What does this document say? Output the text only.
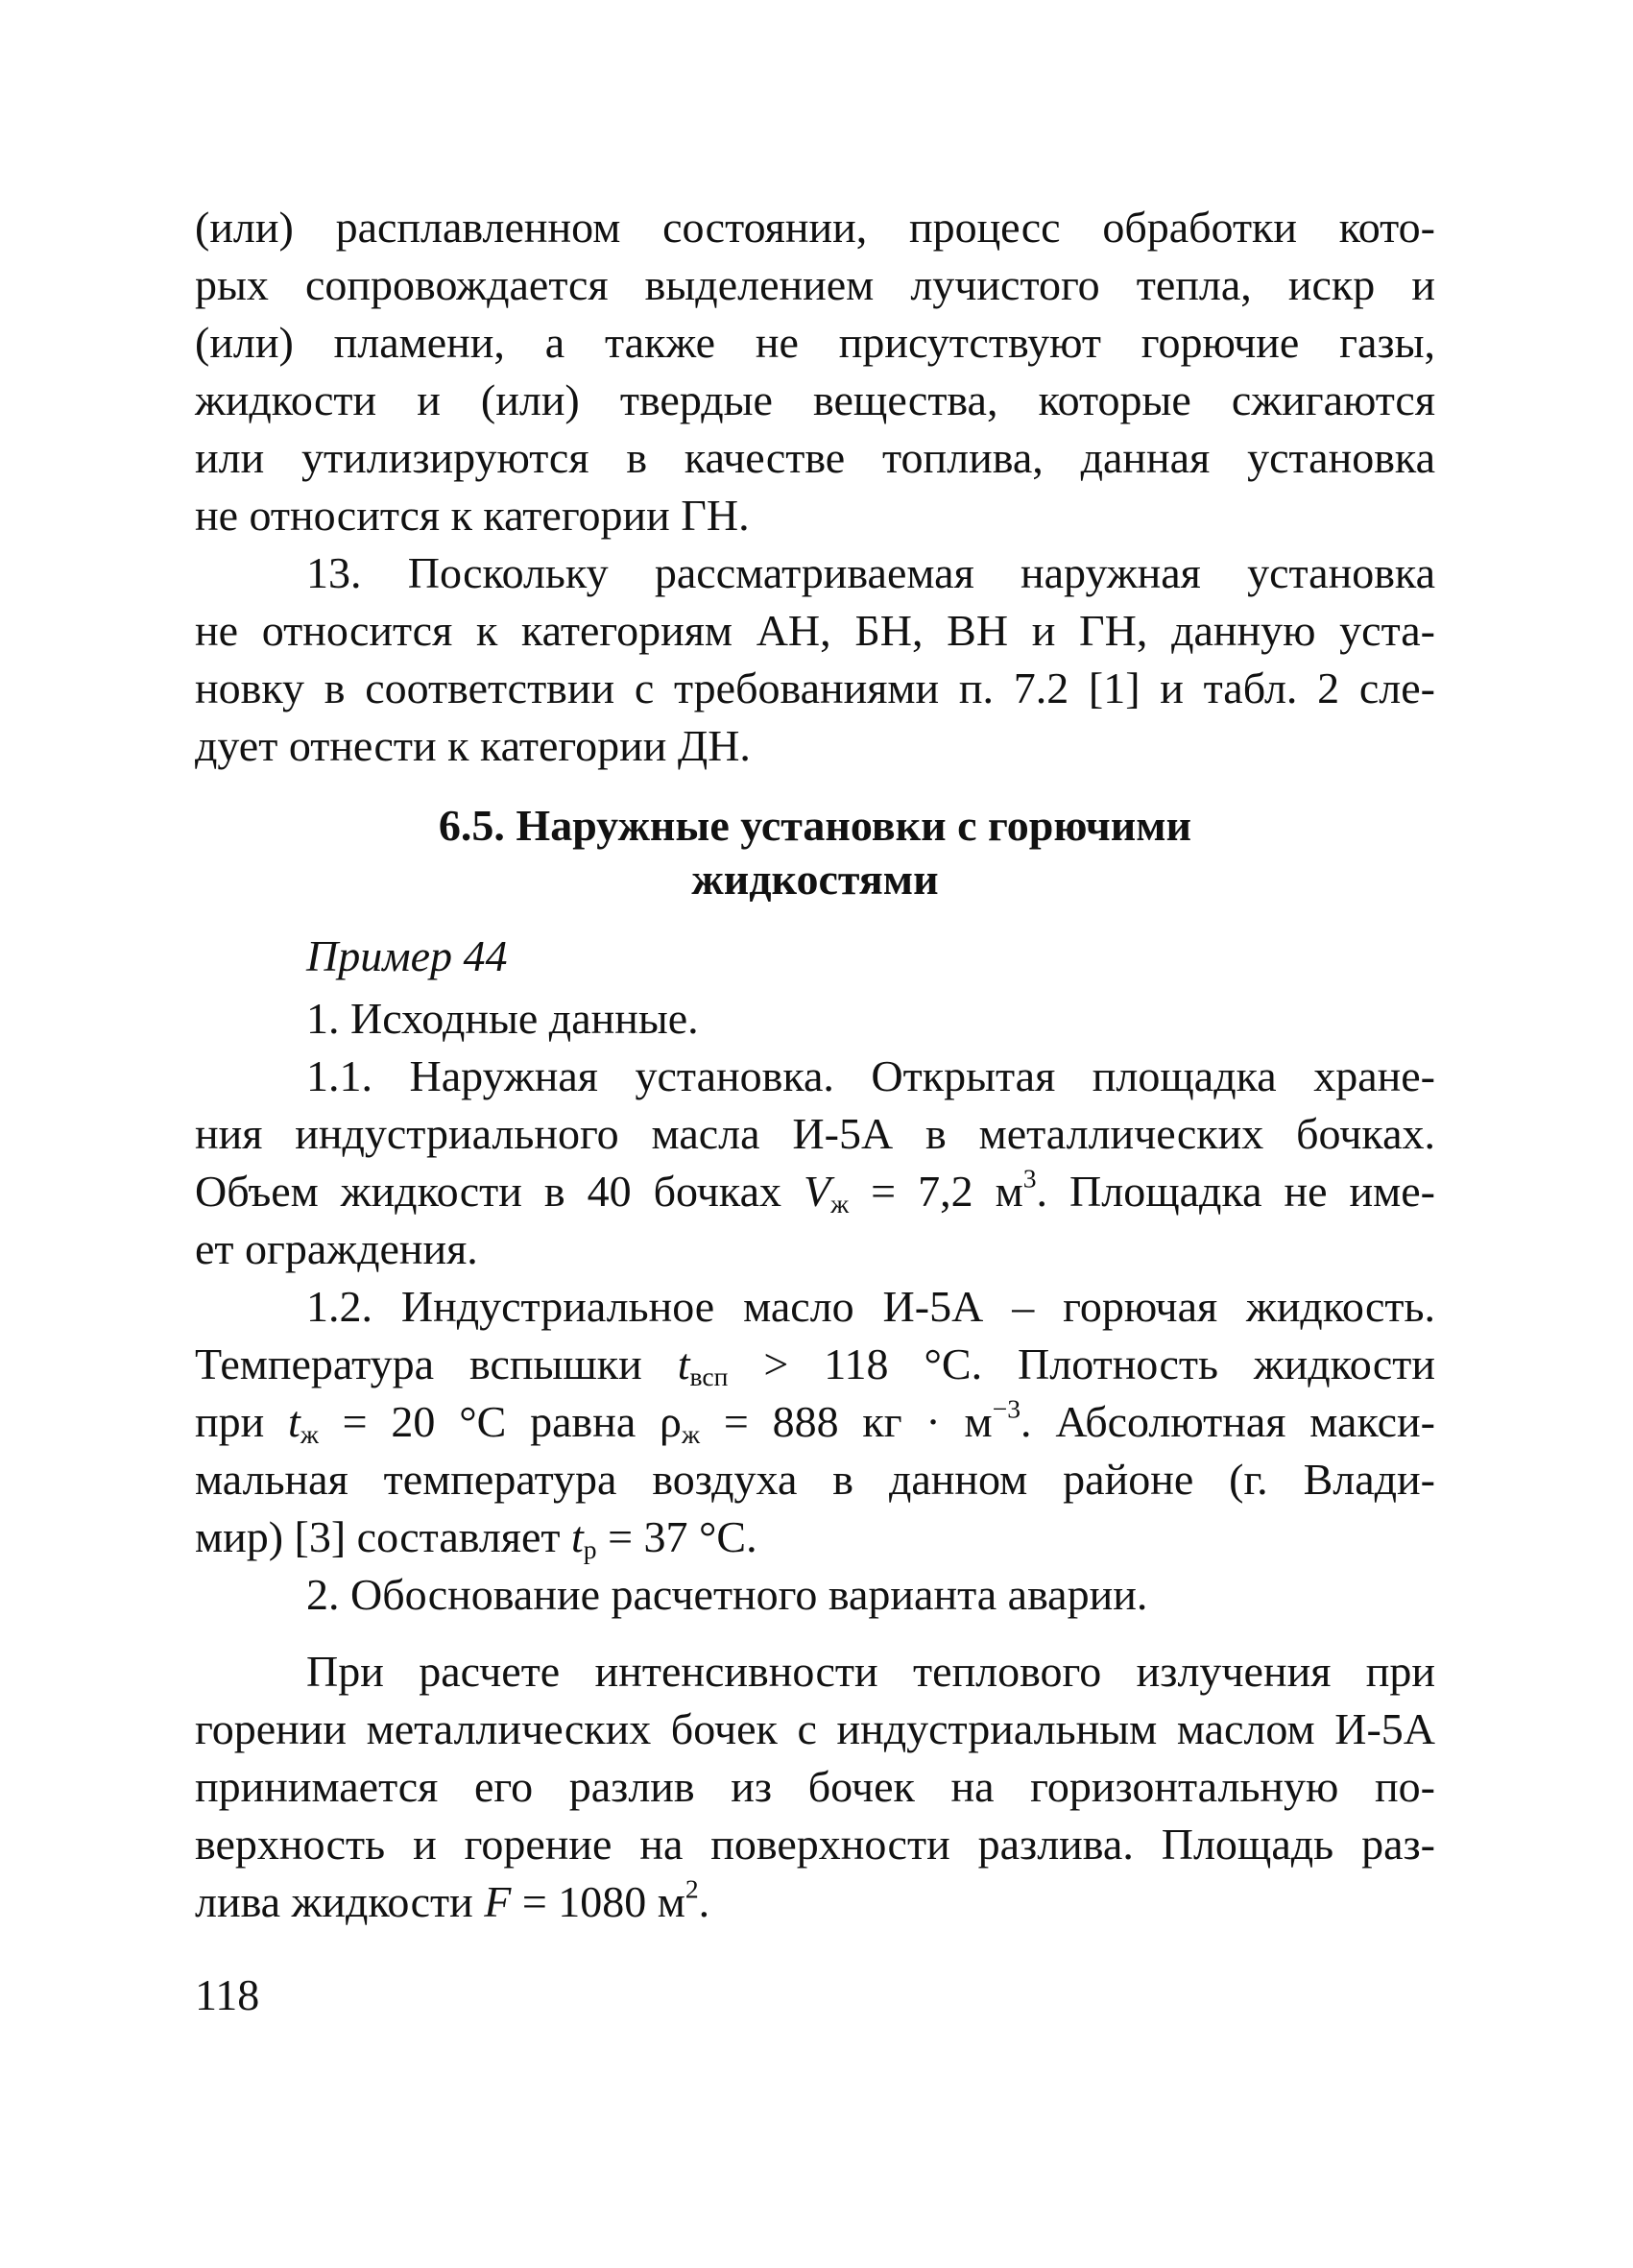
(или) расплавленном состоянии, процесс обработки кото-
рых сопровождается выделением лучистого тепла, искр и
(или) пламени, а также не присутствуют горючие газы,
жидкости и (или) твердые вещества, которые сжигаются
или утилизируются в качестве топлива, данная установка
не относится к категории ГН.
13. Поскольку рассматриваемая наружная установка
не относится к категориям АН, БН, ВН и ГН, данную уста-
новку в соответствии с требованиями п. 7.2 [1] и табл. 2 сле-
дует отнести к категории ДН.
6.5. Наружные установки с горючими
жидкостями
Пример 44
1. Исходные данные.
1.1. Наружная установка. Открытая площадка хране-
ния индустриального масла И-5А в металлических бочках.
Объем жидкости в 40 бочках $V_ж = 7,2$ $м^3$. Площадка не име-
ет ограждения.
1.2. Индустриальное масло И-5А – горючая жидкость.
Температура вспышки $t_{всп} > 118$ °С. Плотность жидкости
при $t_ж = 20$ °С равна $\rho_ж = 888$ кг · $м^{-3}$. Абсолютная макси-
мальная температура воздуха в данном районе (г. Влади-
мир) [3] составляет $t_р = 37$ °С.
2. Обоснование расчетного варианта аварии.
При расчете интенсивности теплового излучения при
горении металлических бочек с индустриальным маслом И-5А
принимается его разлив из бочек на горизонтальную по-
верхность и горение на поверхности разлива. Площадь раз-
лива жидкости F = 1080 $м^2$.
118
